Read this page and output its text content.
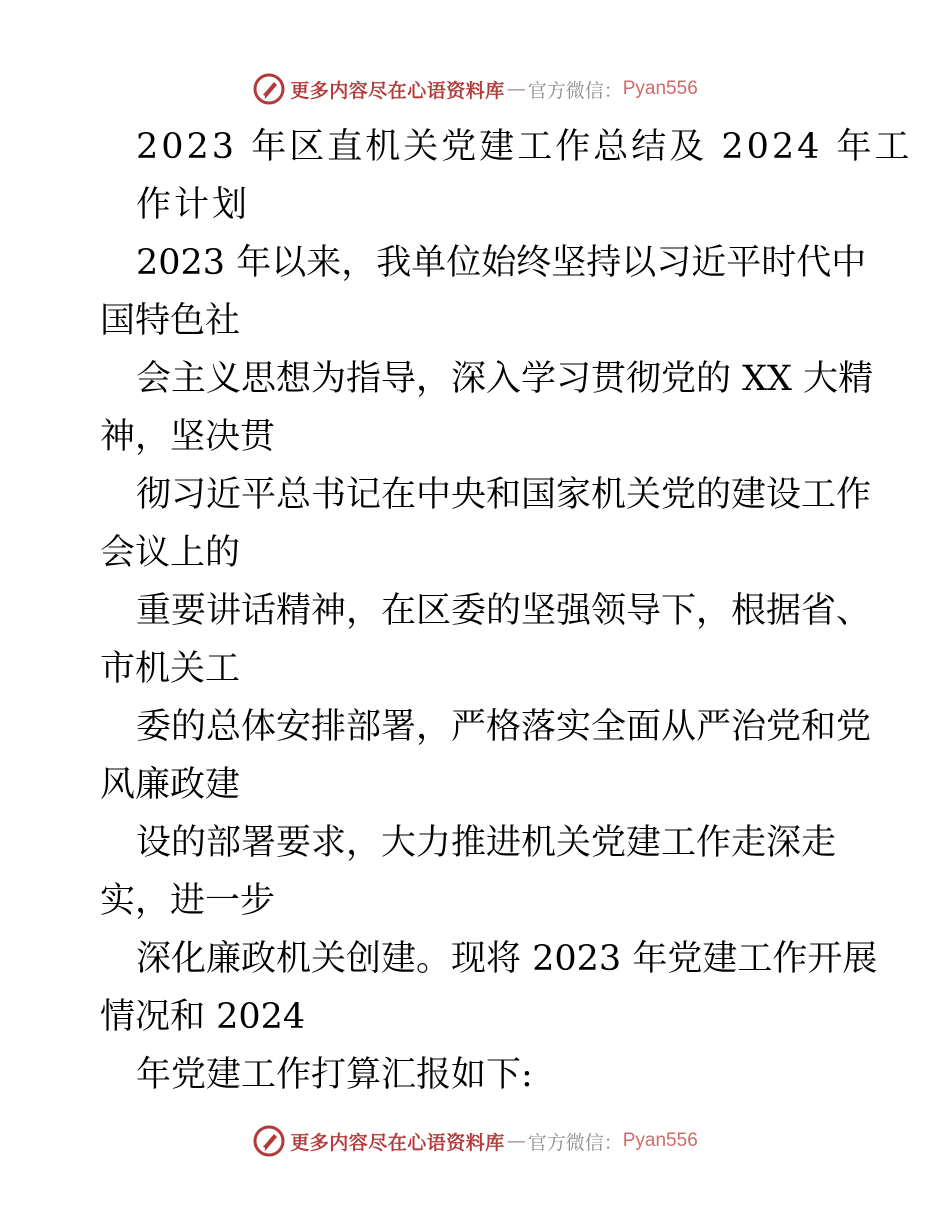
更多内容尽在心语资料库 — 官方微信： Pyan556
2023 年区直机关党建工作总结及 2024 年工
作计划
2023 年以来，我单位始终坚持以习近平时代中
国特色社
会主义思想为指导，深入学习贯彻党的 XX 大精
神，坚决贯
彻习近平总书记在中央和国家机关党的建设工作
会议上的
重要讲话精神，在区委的坚强领导下，根据省、
市机关工
委的总体安排部署，严格落实全面从严治党和党
风廉政建
设的部署要求，大力推进机关党建工作走深走
实，进一步
深化廉政机关创建。现将 2023 年党建工作开展
情况和 2024
年党建工作打算汇报如下:
更多内容尽在心语资料库 — 官方微信： Pyan556
